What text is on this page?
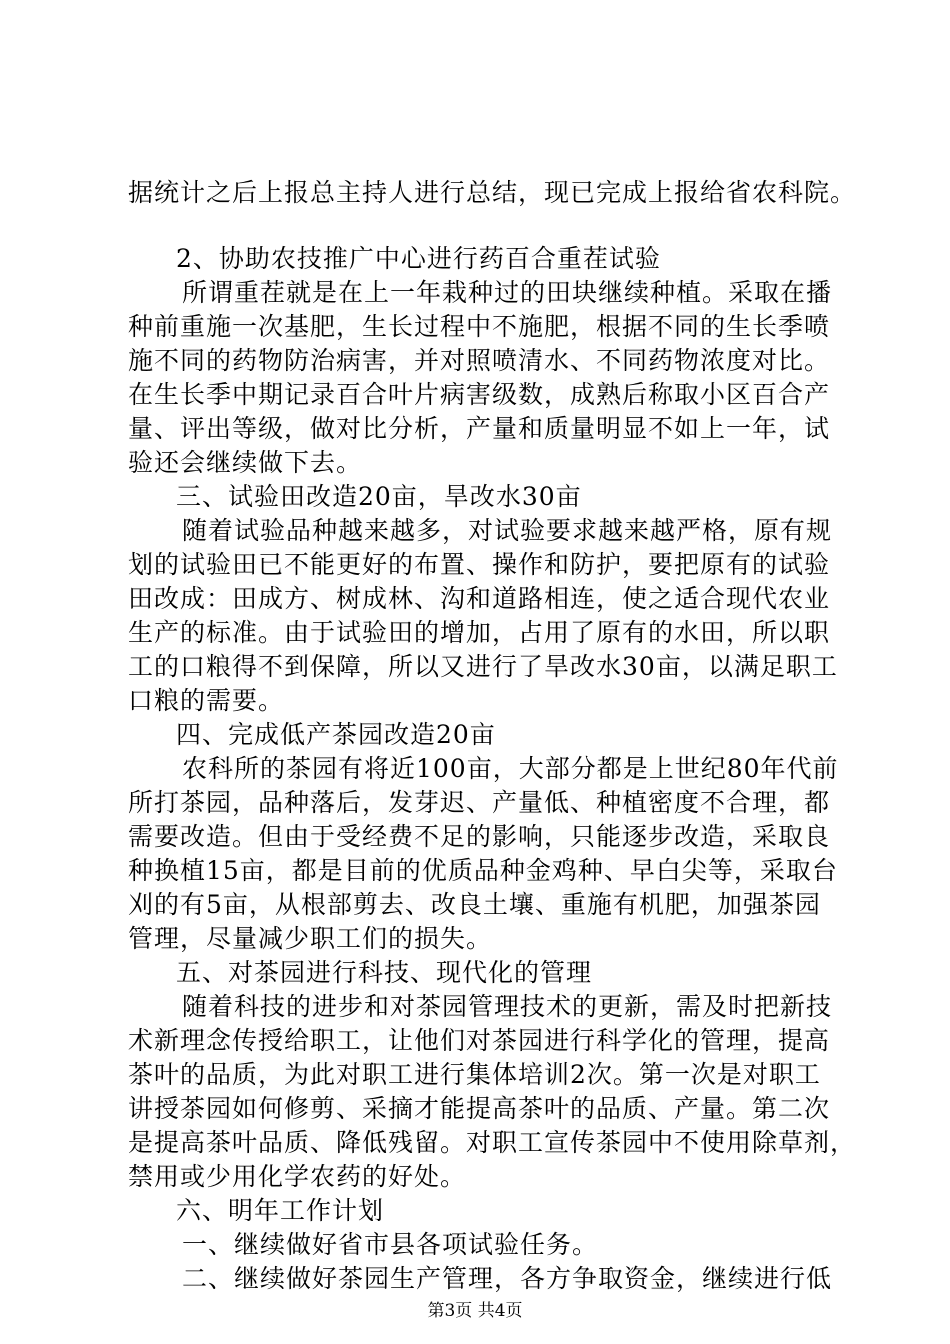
据统计之后上报总主持人进行总结，现已完成上报给省农科院。
2、协助农技推广中心进行药百合重茬试验
所谓重茬就是在上一年栽种过的田块继续种植。采取在播
种前重施一次基肥，生长过程中不施肥，根据不同的生长季喷
施不同的药物防治病害，并对照喷清水、不同药物浓度对比。
在生长季中期记录百合叶片病害级数，成熟后称取小区百合产
量、评出等级，做对比分析，产量和质量明显不如上一年，试
验还会继续做下去。
三、试验田改造20亩，旱改水30亩
随着试验品种越来越多，对试验要求越来越严格，原有规
划的试验田已不能更好的布置、操作和防护，要把原有的试验
田改成：田成方、树成林、沟和道路相连，使之适合现代农业
生产的标准。由于试验田的增加，占用了原有的水田，所以职
工的口粮得不到保障，所以又进行了旱改水30亩，以满足职工
口粮的需要。
四、完成低产茶园改造20亩
农科所的茶园有将近100亩，大部分都是上世纪80年代前
所打茶园，品种落后，发芽迟、产量低、种植密度不合理，都
需要改造。但由于受经费不足的影响，只能逐步改造，采取良
种换植15亩，都是目前的优质品种金鸡种、早白尖等，采取台
刈的有5亩，从根部剪去、改良土壤、重施有机肥，加强茶园
管理，尽量减少职工们的损失。
五、对茶园进行科技、现代化的管理
随着科技的进步和对茶园管理技术的更新，需及时把新技
术新理念传授给职工，让他们对茶园进行科学化的管理，提高
茶叶的品质，为此对职工进行集体培训2次。第一次是对职工
讲授茶园如何修剪、采摘才能提高茶叶的品质、产量。第二次
是提高茶叶品质、降低残留。对职工宣传茶园中不使用除草剂，
禁用或少用化学农药的好处。
六、明年工作计划
一、继续做好省市县各项试验任务。
二、继续做好茶园生产管理，各方争取资金，继续进行低
第3页 共4页
